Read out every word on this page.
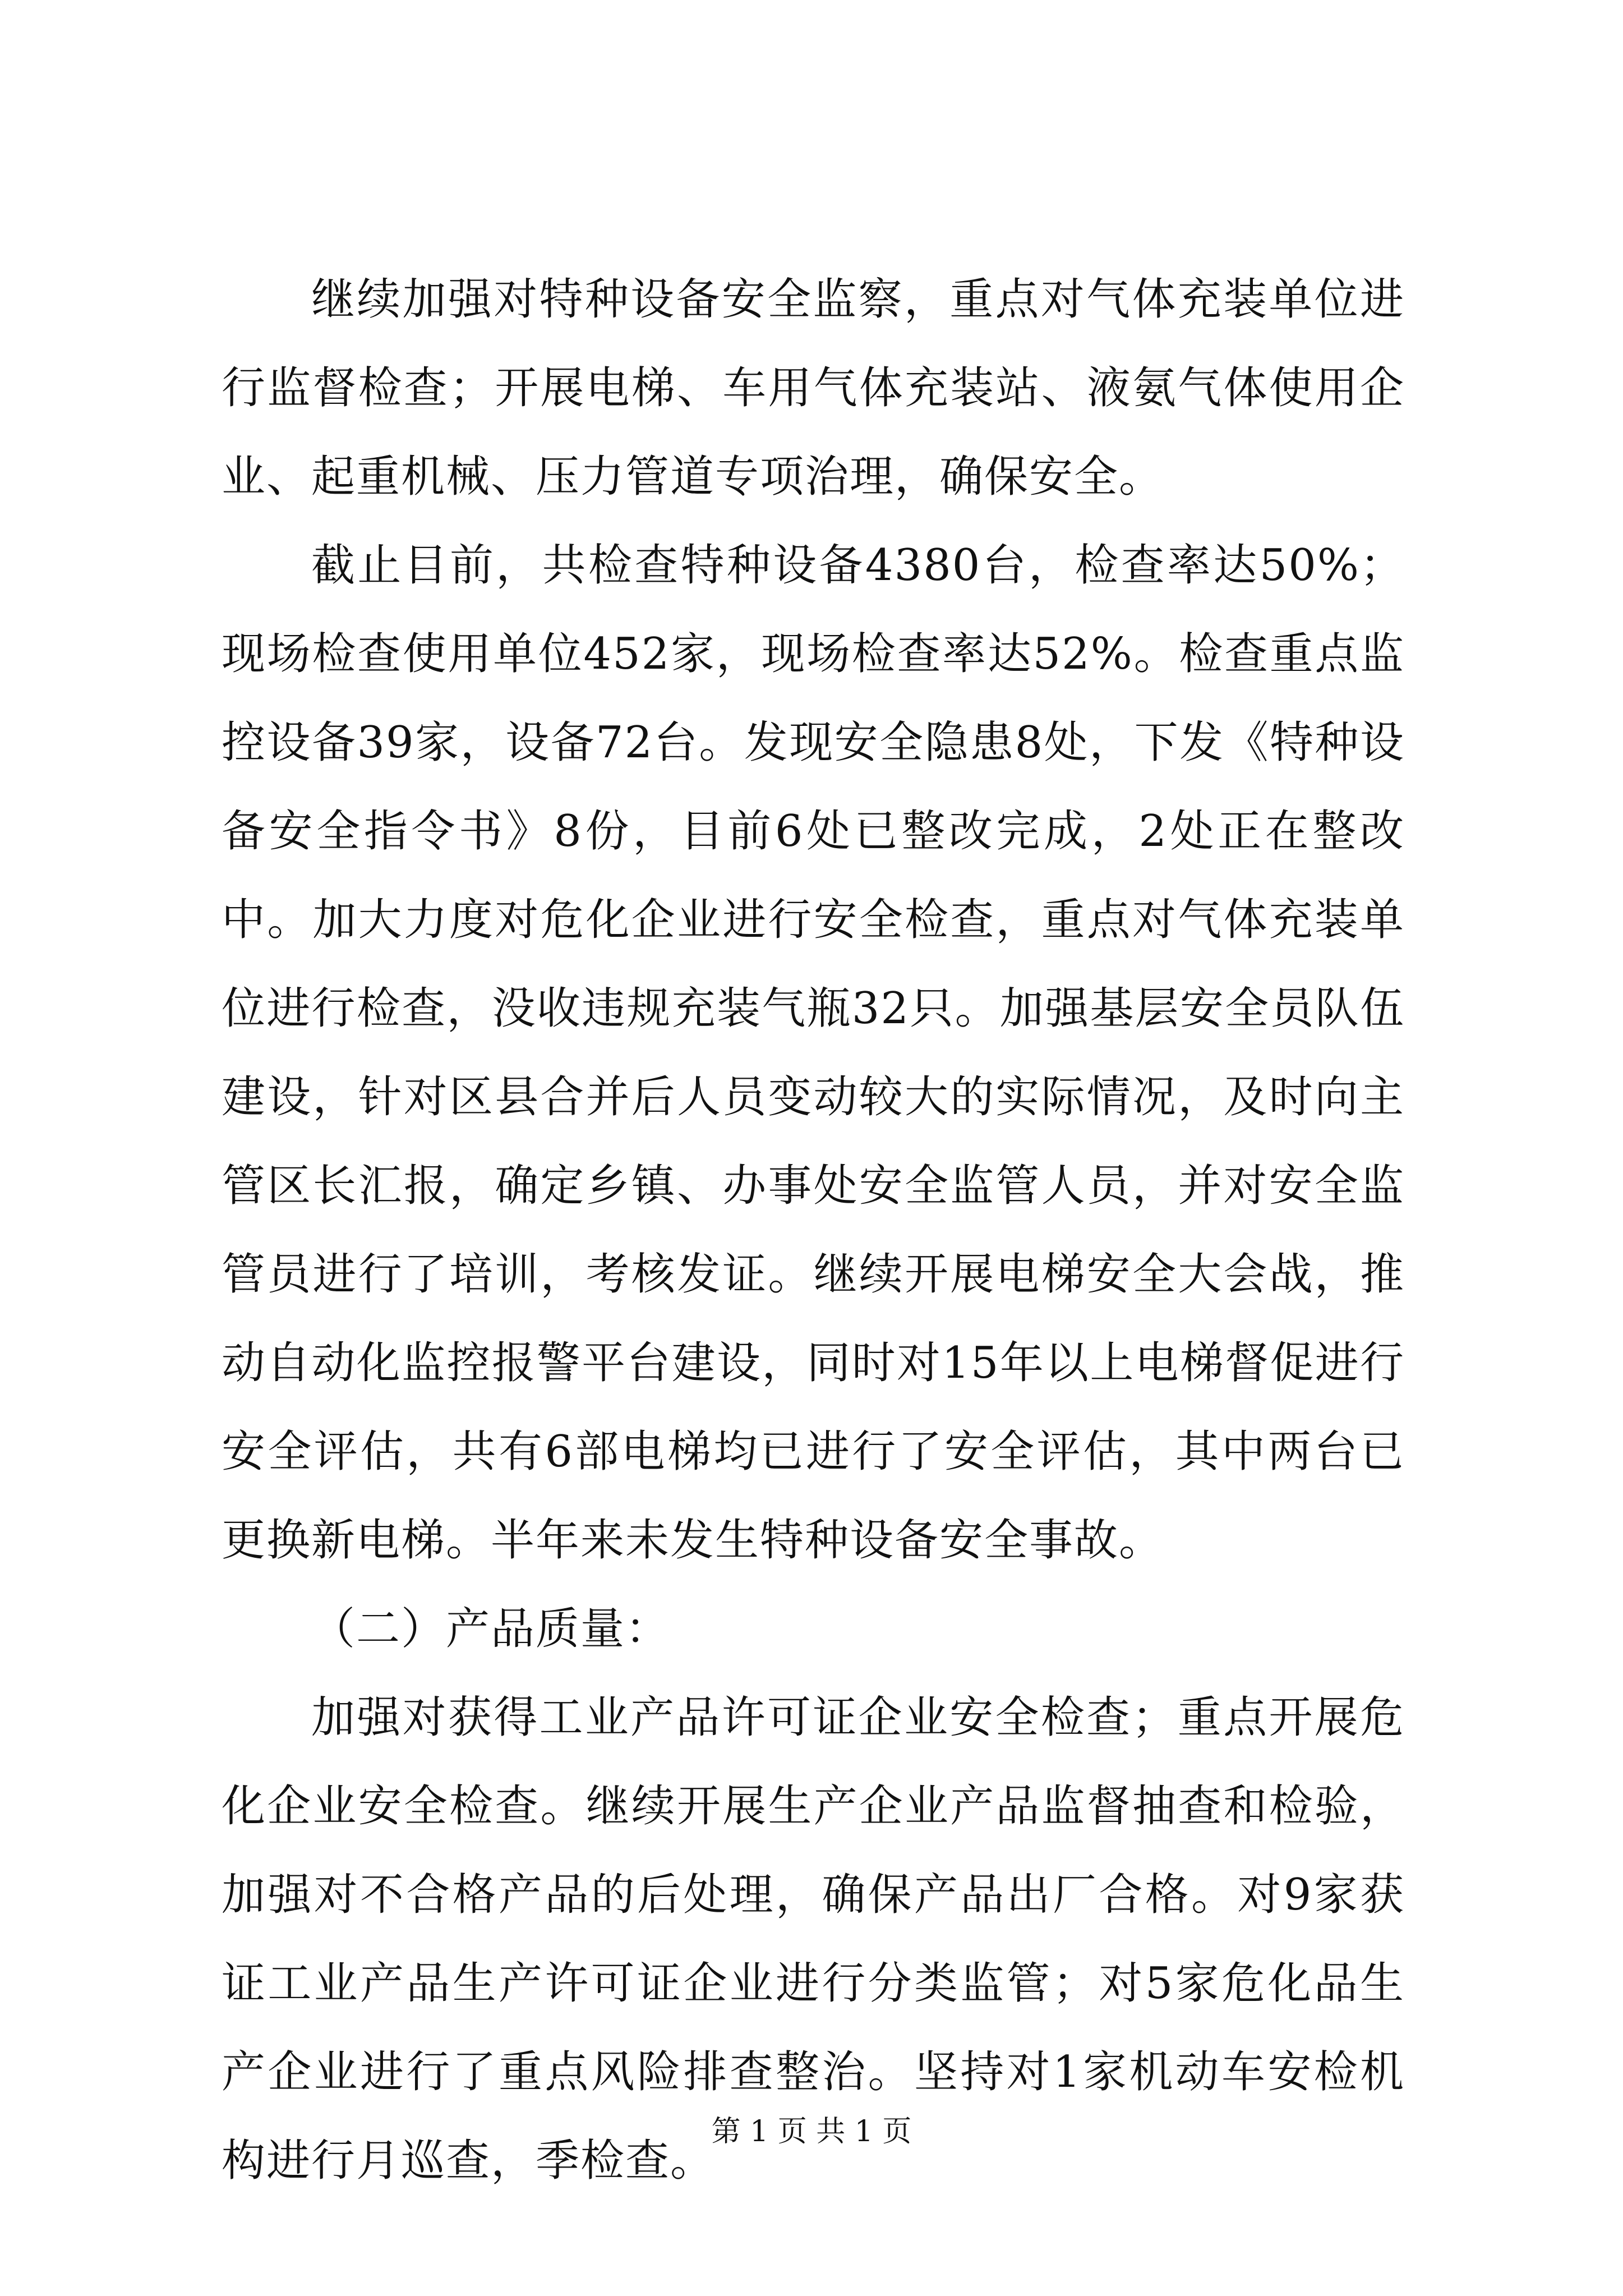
继续加强对特种设备安全监察，重点对气体充装单位进行监督检查；开展电梯、车用气体充装站、液氨气体使用企业、起重机械、压力管道专项治理，确保安全。

截止目前，共检查特种设备4380台，检查率达50%；现场检查使用单位452家，现场检查率达52%。检查重点监控设备39家，设备72台。发现安全隐患8处，下发《特种设备安全指令书》8份，目前6处已整改完成，2处正在整改中。加大力度对危化企业进行安全检查，重点对气体充装单位进行检查，没收违规充装气瓶32只。加强基层安全员队伍建设，针对区县合并后人员变动较大的实际情况，及时向主管区长汇报，确定乡镇、办事处安全监管人员，并对安全监管员进行了培训，考核发证。继续开展电梯安全大会战，推动自动化监控报警平台建设，同时对15年以上电梯督促进行安全评估，共有6部电梯均已进行了安全评估，其中两台已更换新电梯。半年来未发生特种设备安全事故。

（二）产品质量：

加强对获得工业产品许可证企业安全检查；重点开展危化企业安全检查。继续开展生产企业产品监督抽查和检验，加强对不合格产品的后处理，确保产品出厂合格。对9家获证工业产品生产许可证企业进行分类监管；对5家危化品生产企业进行了重点风险排查整治。坚持对1家机动车安检机构进行月巡查，季检查。

第 1 页 共 1 页
